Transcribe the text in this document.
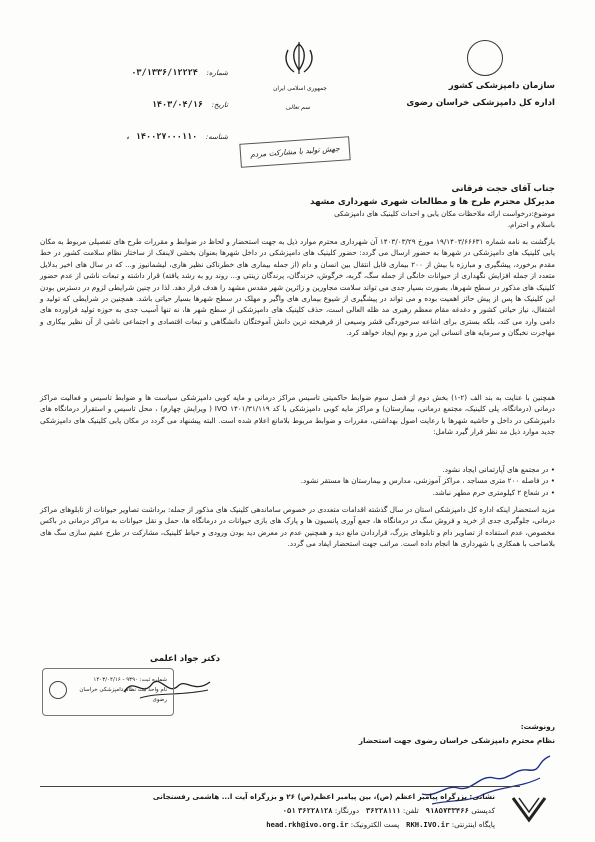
سازمان دامپزشکی کشور
اداره کل دامپزشکی خراسان رضوی
جمهوری اسلامی ایران
سم تعالی
جهش تولید با مشارکت مردم
شماره: ۰۳/۱۳۳۶/۱۲۲۲۴
تاریخ: ۱۴۰۳/۰۴/۱۶
شناسه: ۱۴۰۰۲۷۰۰۰۱۱۰ ،
جناب آقای حجت فرقانی
مدیرکل محترم طرح ها و مطالعات شهری شهرداری مشهد
موضوع:درخواست ارائه ملاحظات مکان یابی و احداث کلینیک های دامپزشکی
باسلام و احترام،
بازگشت به نامه شماره ۱۹/۱۴۰۳/۶۶۶۳۱ مورخ ۱۴۰۳/۰۳/۲۹ آن شهرداری محترم موارد ذیل به جهت استحضار و لحاظ در ضوابط و مقررات طرح های تفصیلی مربوط به مکان یابی کلینیک های دامپزشکی در شهرها به حضور ارسال می گردد: حضور کلینیک های دامپزشکی در داخل شهرها بعنوان بخشی لاینفک از ساختار نظام سلامت کشور در خط مقدم برخورد، پیشگیری و مبارزه با بیش از ۲۰۰ بیماری قابل انتقال بین انسان و دام (از جمله بیماری های خطرناکی نظیر هاری، لیشمانیوز و... که در سال های اخیر بدلایل متعدد از جمله افزایش نگهداری از حیوانات خانگی از جمله سگ، گربه، خرگوش، خزندگان، پرندگان زینتی و... روند رو به رشد یافته) قرار داشته و تبعات ناشی از عدم حضور کلینیک های مذکور در سطح شهرها، بصورت بسیار جدی می تواند سلامت مجاورین و زائرین شهر مقدس مشهد را هدف قرار دهد. لذا در چنین شرایطی لزوم در دسترس بودن این کلینیک ها پس از پیش حائز اهمیت بوده و می تواند در پیشگیری از شیوع بیماری های واگیر و مهلک در سطح شهرها بسیار حیاتی باشد. همچنین در شرایطی که تولید و اشتغال، نیاز حیاتی کشور و دغدغه مقام معظم رهبری مد ظله العالی است، حذف کلینیک های دامپزشکی از سطح شهر ها، نه تنها آسیب جدی به حوزه تولید فراورده های دامی وارد می کند، بلکه بستری برای اشاعه سرخوردگی قشر وسیعی از فرهیخته ترین دانش آموختگان دانشگاهی و تبعات اقتصادی و اجتماعی ناشی از آن نظیر بیکاری و مهاجرت نخبگان و سرمایه های انسانی این مرز و بوم ایجاد خواهد کرد.
همچنین با عنایت به بند الف (۲-۱) بخش دوم از فصل سوم ضوابط حاکمیتی تاسیس مراکز درمانی و مایه کوبی دامپزشکی سیاست ها و ضوابط تاسیس و فعالیت مراکز درمانی (درمانگاه، پلی کلینیک، مجتمع درمانی، بیمارستان) و مراکز مایه کوبی دامپزشکی با کد IVO ۱۴۰۱/۳۱/۱۱۹ ( ویرایش چهارم) ، محل تاسیس و استقرار درمانگاه های دامپزشکی در داخل و حاشیه شهرها با رعایت اصول بهداشتی، مقررات و ضوابط مربوط بلامانع اعلام شده است. البته پیشنهاد می گردد در مکان یابی کلینیک های دامپزشکی جدید موارد ذیل مد نظر قرار گیرد شامل:
• در مجتمع های آپارتمانی ایجاد نشود.
• در فاصله ۲۰۰ متری مساجد ، مراکز آموزشی، مدارس و بیمارستان ها مستقر نشود.
• در شعاع ۲ کیلومتری حرم مطهر نباشد.
مزید استحضار اینکه اداره کل دامپزشکی استان در سال گذشته اقدامات متعددی در خصوص ساماندهی کلینیک های مذکور از جمله: برداشت تصاویر حیوانات از تابلوهای مراکز درمانی، جلوگیری جدی از خرید و فروش سگ در درمانگاه ها، جمع آوری پانسیون ها و پارک های بازی حیوانات در درمانگاه ها، حمل و نقل حیوانات به مراکز درمانی در باکس مخصوص، عدم استفاده از تصاویر دام و تابلوهای بزرگ، قراردادن مانع دید و همچنین عدم در معرض دید بودن ورودی و حیاط کلینیک، مشارکت در طرح عقیم سازی سگ های بلاصاحب با همکاری با شهرداری ها انجام داده است. مراتب جهت استحضار ایفاد می گردد.
دکتر جواد اعلمی
شماره ثبت: ۹۳۹۰ - ۱۴۰۳/۰۴/۱۶
نام واحد ثبت نظام دامپزشکی خراسان رضوی
رونوشت:
نظام محترم دامپزشکی خراسان رضوی جهت استحضار
نشانی: بزرگراه پیامبر اعظم (ص)، بین پیامبر اعظم(ص) ۲۶ و بزرگراه آیت ا... هاشمی رفسنجانی
کدپستی ۹۱۸۵۷۳۳۴۶۶   تلفن: ۳۶۲۲۸۱۱۱   دورنگار: ۳۶۲۲۸۱۲۸ ۰۵۱
پایگاه اینترنتی: RKH.IVO.ir   پست الکترونیک: head.rkh@ivo.org.ir
